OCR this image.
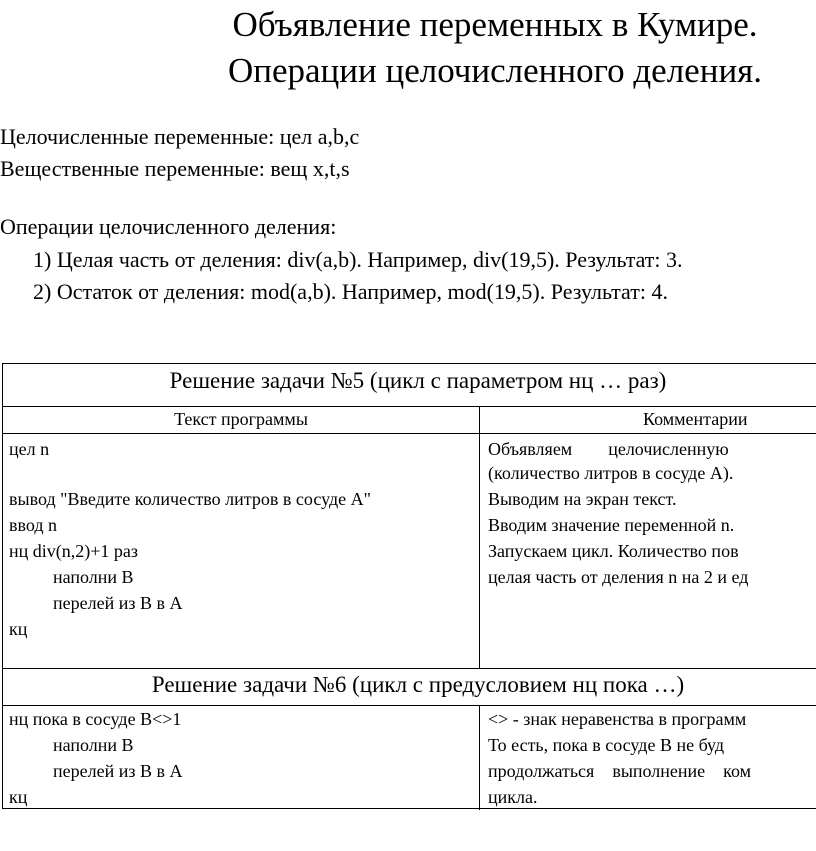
Объявление переменных в Кумире.
Операции целочисленного деления.
Целочисленные переменные: цел a,b,c
Вещественные переменные: вещ x,t,s
Операции целочисленного деления:
1) Целая часть от деления: div(a,b). Например, div(19,5). Результат: 3.
2) Остаток от деления: mod(a,b). Например, mod(19,5). Результат: 4.
Решение задачи №5 (цикл с параметром нц … раз)
Текст программы	Комментарии
цел n
вывод "Введите количество литров в сосуде А"
ввод n
нц div(n,2)+1 раз
наполни В
перелей из В в А
кц
Объявляем        целочисленную
(количество литров в сосуде А).
Выводим на экран текст.
Вводим значение переменной n.
Запускаем цикл. Количество пов
целая часть от деления n на 2 и ед
Решение задачи №6 (цикл с предусловием нц пока …)
нц пока в сосуде В<>1
наполни В
перелей из В в А
кц
<> - знак неравенства в программ
То есть, пока в сосуде В не буд
продолжаться    выполнение    ком
цикла.
